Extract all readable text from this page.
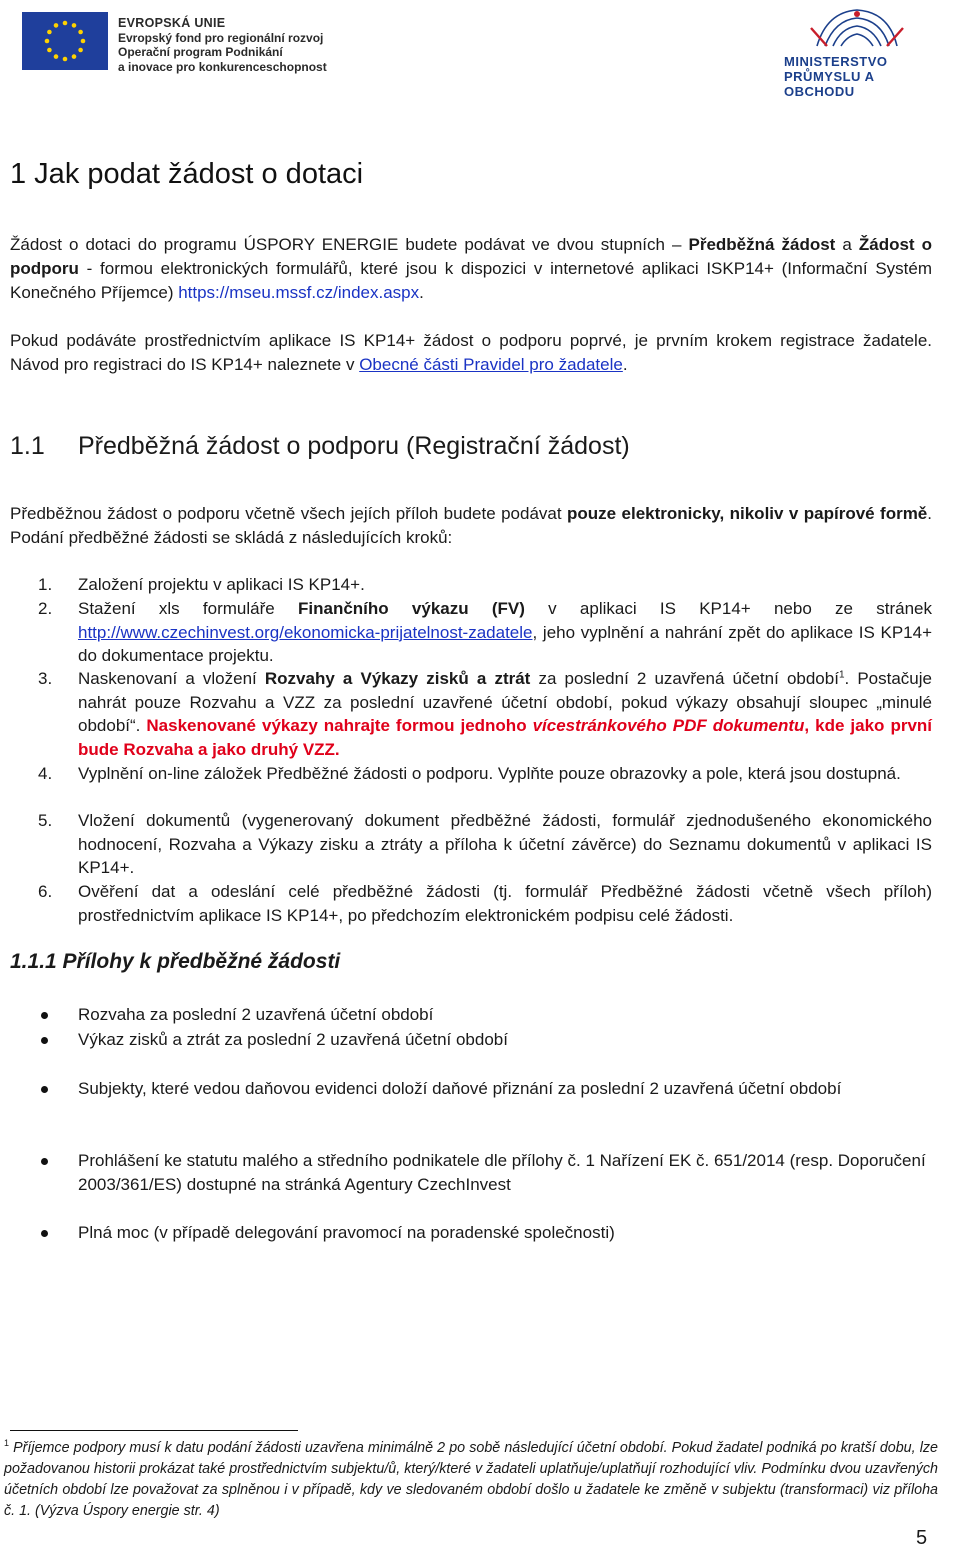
EVROPSKÁ UNIE
Evropský fond pro regionální rozvoj
Operační program Podnikání
a inovace pro konkurenceschopnost	MINISTERSTVO
PRŮMYSLU A OBCHODU
1 Jak podat žádost o dotaci
Žádost o dotaci do programu ÚSPORY ENERGIE budete podávat ve dvou stupních – Předběžná žádost a Žádost o podporu - formou elektronických formulářů, které jsou k dispozici v internetové aplikaci ISKP14+ (Informační Systém Konečného Příjemce) https://mseu.mssf.cz/index.aspx.
Pokud podáváte prostřednictvím aplikace IS KP14+ žádost o podporu poprvé, je prvním krokem registrace žadatele. Návod pro registraci do IS KP14+ naleznete v Obecné části Pravidel pro žadatele.
1.1 Předběžná žádost o podporu (Registrační žádost)
Předběžnou žádost o podporu včetně všech jejích příloh budete podávat pouze elektronicky, nikoliv v papírové formě. Podání předběžné žádosti se skládá z následujících kroků:
1. Založení projektu v aplikaci IS KP14+.
2. Stažení xls formuláře Finančního výkazu (FV) v aplikaci IS KP14+ nebo ze stránek http://www.czechinvest.org/ekonomicka-prijatelnost-zadatele, jeho vyplnění a nahrání zpět do aplikace IS KP14+ do dokumentace projektu.
3. Naskenovaní a vložení Rozvahy a Výkazy zisků a ztrát za poslední 2 uzavřená účetní období$^1$. Postačuje nahrát pouze Rozvahu a VZZ za poslední uzavřené účetní období, pokud výkazy obsahují sloupec „minulé období“. Naskenované výkazy nahrajte formou jednoho vícestránkového PDF dokumentu, kde jako první bude Rozvaha a jako druhý VZZ.
4. Vyplnění on-line záložek Předběžné žádosti o podporu. Vyplňte pouze obrazovky a pole, která jsou dostupná.
5. Vložení dokumentů (vygenerovaný dokument předběžné žádosti, formulář zjednodušeného ekonomického hodnocení, Rozvaha a Výkazy zisku a ztráty a příloha k účetní závěrce) do Seznamu dokumentů v aplikaci IS KP14+.
6. Ověření dat a odeslání celé předběžné žádosti (tj. formulář Předběžné žádosti včetně všech příloh) prostřednictvím aplikace IS KP14+, po předchozím elektronickém podpisu celé žádosti.
1.1.1 Přílohy k předběžné žádosti
Rozvaha za poslední 2 uzavřená účetní období
Výkaz zisků a ztrát za poslední 2 uzavřená účetní období
Subjekty, které vedou daňovou evidenci doloží daňové přiznání za poslední 2 uzavřená účetní období
Prohlášení ke statutu malého a středního podnikatele dle přílohy č. 1 Nařízení EK č. 651/2014 (resp. Doporučení 2003/361/ES) dostupné na stránká Agentury CzechInvest
Plná moc (v případě delegování pravomocí na poradenské společnosti)
$^1$ Příjemce podpory musí k datu podání žádosti uzavřena minimálně 2 po sobě následující účetní období. Pokud žadatel podniká po kratší dobu, lze požadovanou historii prokázat také prostřednictvím subjektu/ů, který/které v žadateli uplatňuje/uplatňují rozhodující vliv. Podmínku dvou uzavřených účetních období lze považovat za splněnou i v případě, kdy ve sledovaném období došlo u žadatele ke změně v subjektu (transformaci) viz příloha č. 1. (Výzva Úspory energie str. 4)
5
